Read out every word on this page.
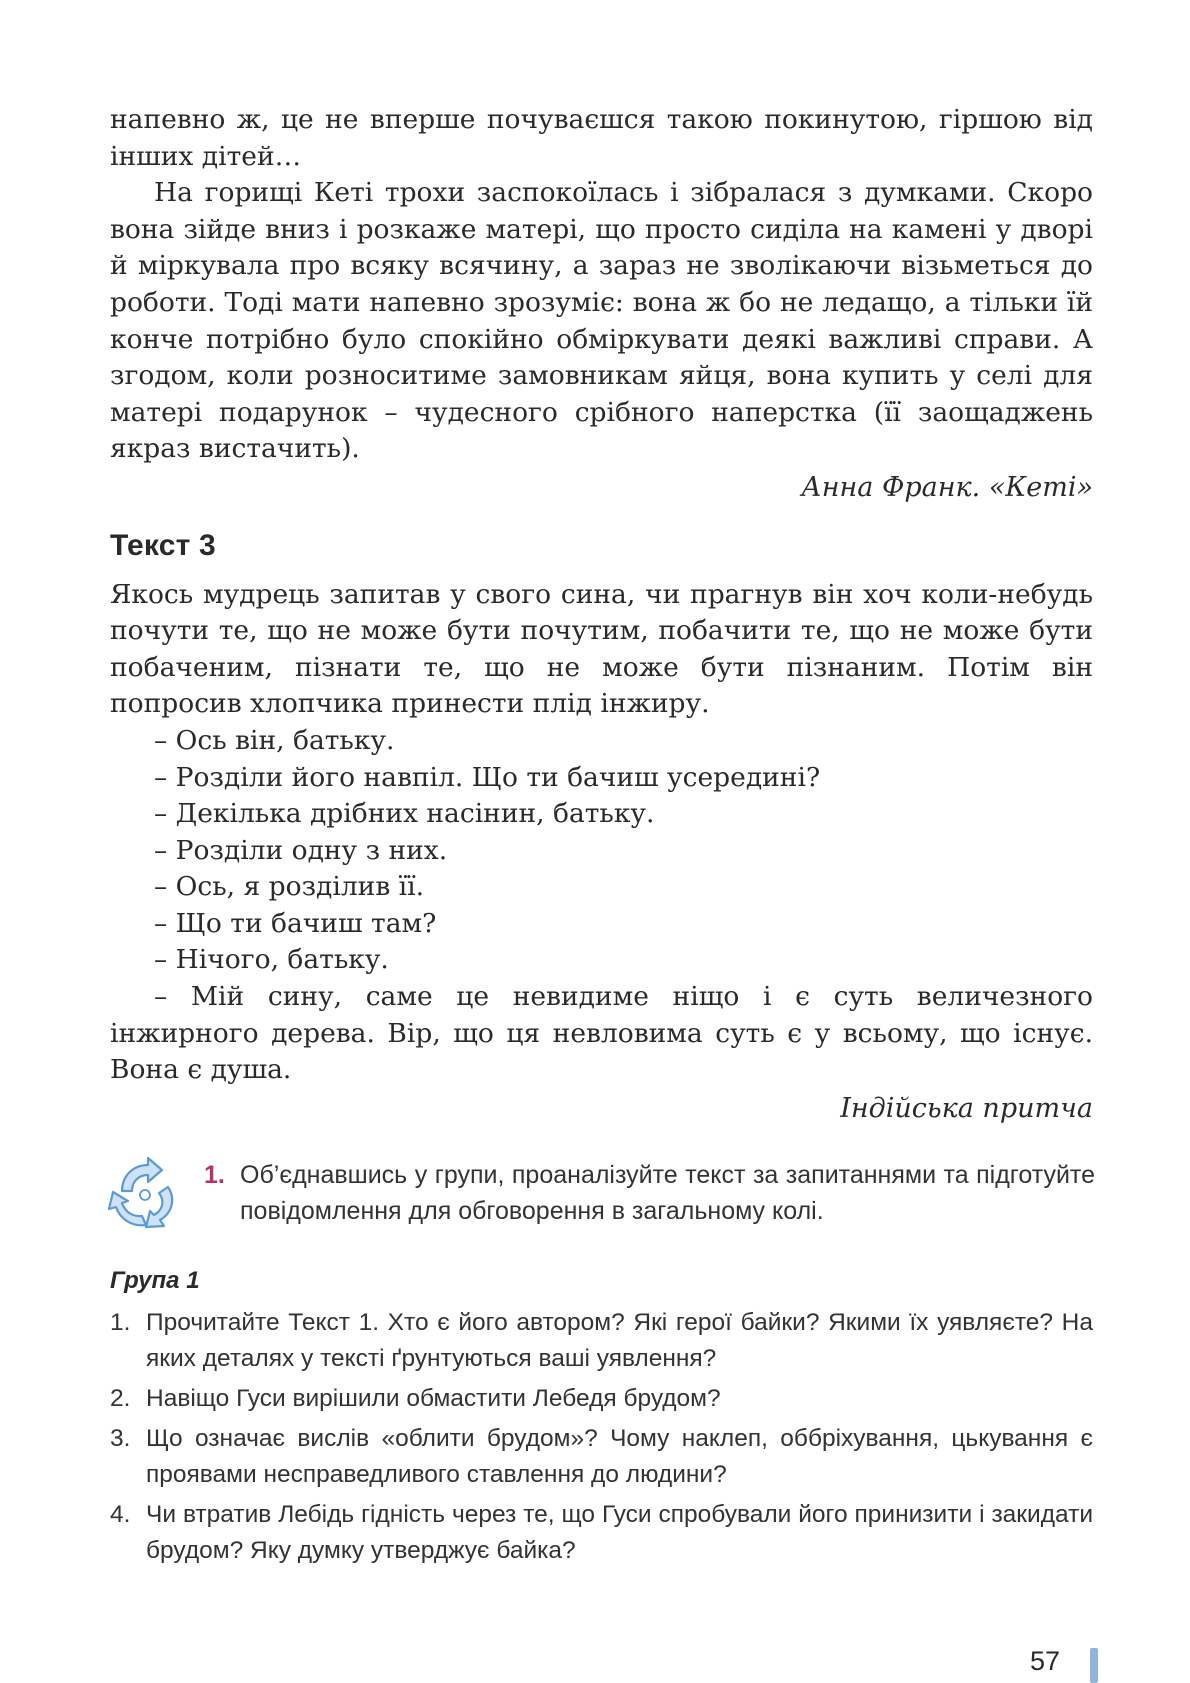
напевно ж, це не вперше почуваєшся такою покинутою, гіршою від інших дітей…

На горищі Кеті трохи заспокоїлась і зібралася з думками. Скоро вона зійде вниз і розкаже матері, що просто сиділа на камені у дворі й міркувала про всяку всячину, а зараз не зволікаючи візьметься до роботи. Тоді мати напевно зрозуміє: вона ж бо не ледащо, а тільки їй конче потрібно було спокійно обміркувати деякі важливі справи. А згодом, коли розноситиме замовникам яйця, вона купить у селі для матері подарунок – чудесного срібного наперстка (її заощаджень якраз вистачить).

Анна Франк. «Кеті»

Текст 3

Якось мудрець запитав у свого сина, чи прагнув він хоч коли-небудь почути те, що не може бути почутим, побачити те, що не може бути побаченим, пізнати те, що не може бути пізнаним. Потім він попросив хлопчика принести плід інжиру.

– Ось він, батьку.

– Розділи його навпіл. Що ти бачиш усередині?

– Декілька дрібних насінин, батьку.

– Розділи одну з них.

– Ось, я розділив її.

– Що ти бачиш там?

– Нічого, батьку.

– Мій сину, саме це невидиме ніщо і є суть величезного інжирного дерева. Вір, що ця невловима суть є у всьому, що існує. Вона є душа.

Індійська притча

1. Об’єднавшись у групи, проаналізуйте текст за запитаннями та підготуйте повідомлення для обговорення в загальному колі.
Група 1
1. Прочитайте Текст 1. Хто є його автором? Які герої байки? Якими їх уявляєте? На яких деталях у тексті ґрунтуються ваші уявлення?
2. Навіщо Гуси вирішили обмастити Лебедя брудом?
3. Що означає вислів «облити брудом»? Чому наклеп, оббріхування, цькування є проявами несправедливого ставлення до людини?
4. Чи втратив Лебідь гідність через те, що Гуси спробували його принизити і закидати брудом? Яку думку утверджує байка?
57
